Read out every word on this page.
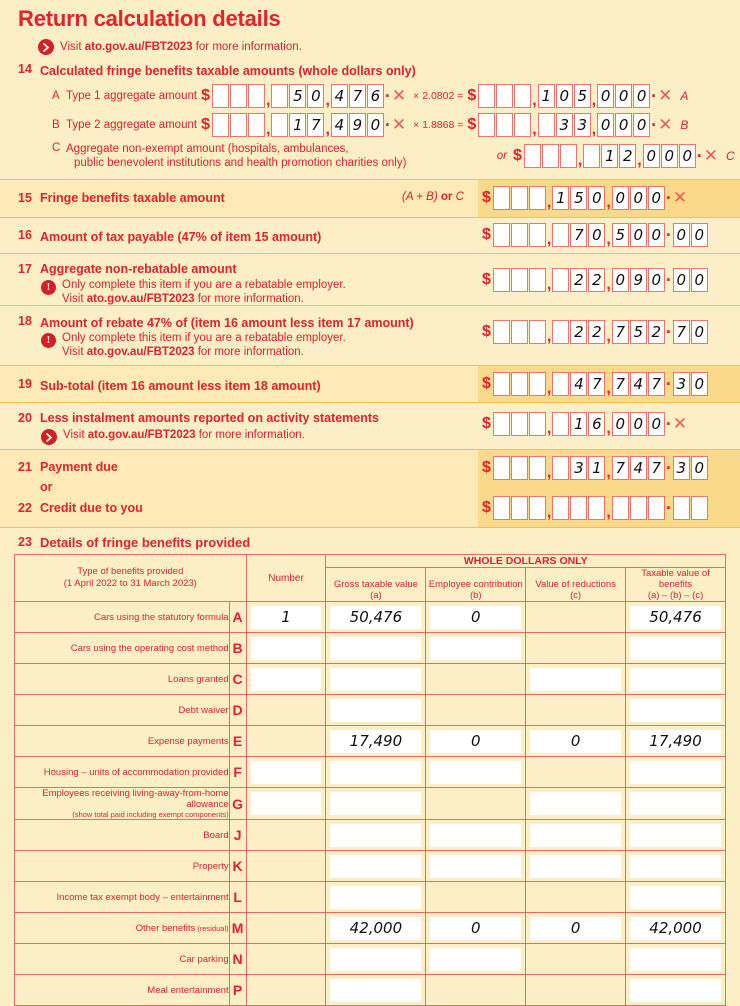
Return calculation details
Visit ato.gov.au/FBT2023 for more information.
14 Calculated fringe benefits taxable amounts (whole dollars only)
A Type 1 aggregate amount $	, 5 0 , 4 7 6 · ✕ × 2.0802 = $	, 1 0 5 , 0 0 0 · ✕ A
B Type 2 aggregate amount $	, 1 7 , 4 9 0 · ✕ × 1.8868 = $	, 3 3 , 0 0 0 · ✕ B
C Aggregate non-exempt amount (hospitals, ambulances,
public benevolent institutions and health promotion charities only)
or $	, 1 2 , 0 0 0 · ✕ C
15 Fringe benefits taxable amount	(A + B) or C $	, 1 5 0 , 0 0 0 · ✕
16 Amount of tax payable (47% of item 15 amount)	$	, 7 0 , 5 0 0 · 0 0
17 Aggregate non-rebatable amount
!	Only complete this item if you are a rebatable employer.
Visit ato.gov.au/FBT2023 for more information.
$	, 2 2 , 0 9 0 · 0 0
18 Amount of rebate 47% of (item 16 amount less item 17 amount)
!	Only complete this item if you are a rebatable employer.
Visit ato.gov.au/FBT2023 for more information.
$	, 2 2 , 7 5 2 · 7 0
19 Sub-total (item 16 amount less item 18 amount)	$	, 4 7 , 7 4 7 · 3 0
20 Less instalment amounts reported on activity statements
Visit ato.gov.au/FBT2023 for more information.
$	, 1 6 , 0 0 0 · ✕
21 Payment due
or
22 Credit due to you
$	, 3 1 , 7 4 7 · 3 0
$	,	,	·
23 Details of fringe benefits provided
Type of benefits provided
(1 April 2022 to 31 March 2023)		Number	WHOLE DOLLARS ONLY			
			Gross taxable value
(a)	Employee contribution
(b)	Value of reductions
(c)	Taxable value of benefits
(a) – (b) – (c)
Cars using the statutory formula	A	1	50,476	0		50,476

Cars using the operating cost method	B	

Loans granted	C	

Debt waiver	D	

Expense payments	E		17,490	0	0	17,490

Housing – units of accommodation provided	F	

Employees receiving living-away-from-home allowance
(show total paid including exempt components)	G	

Board	J	

Property	K	

Income tax exempt body – entertainment	L	

Other benefits (residual)	M		42,000	0	0	42,000

Car parking	N	

Meal entertainment	P	
